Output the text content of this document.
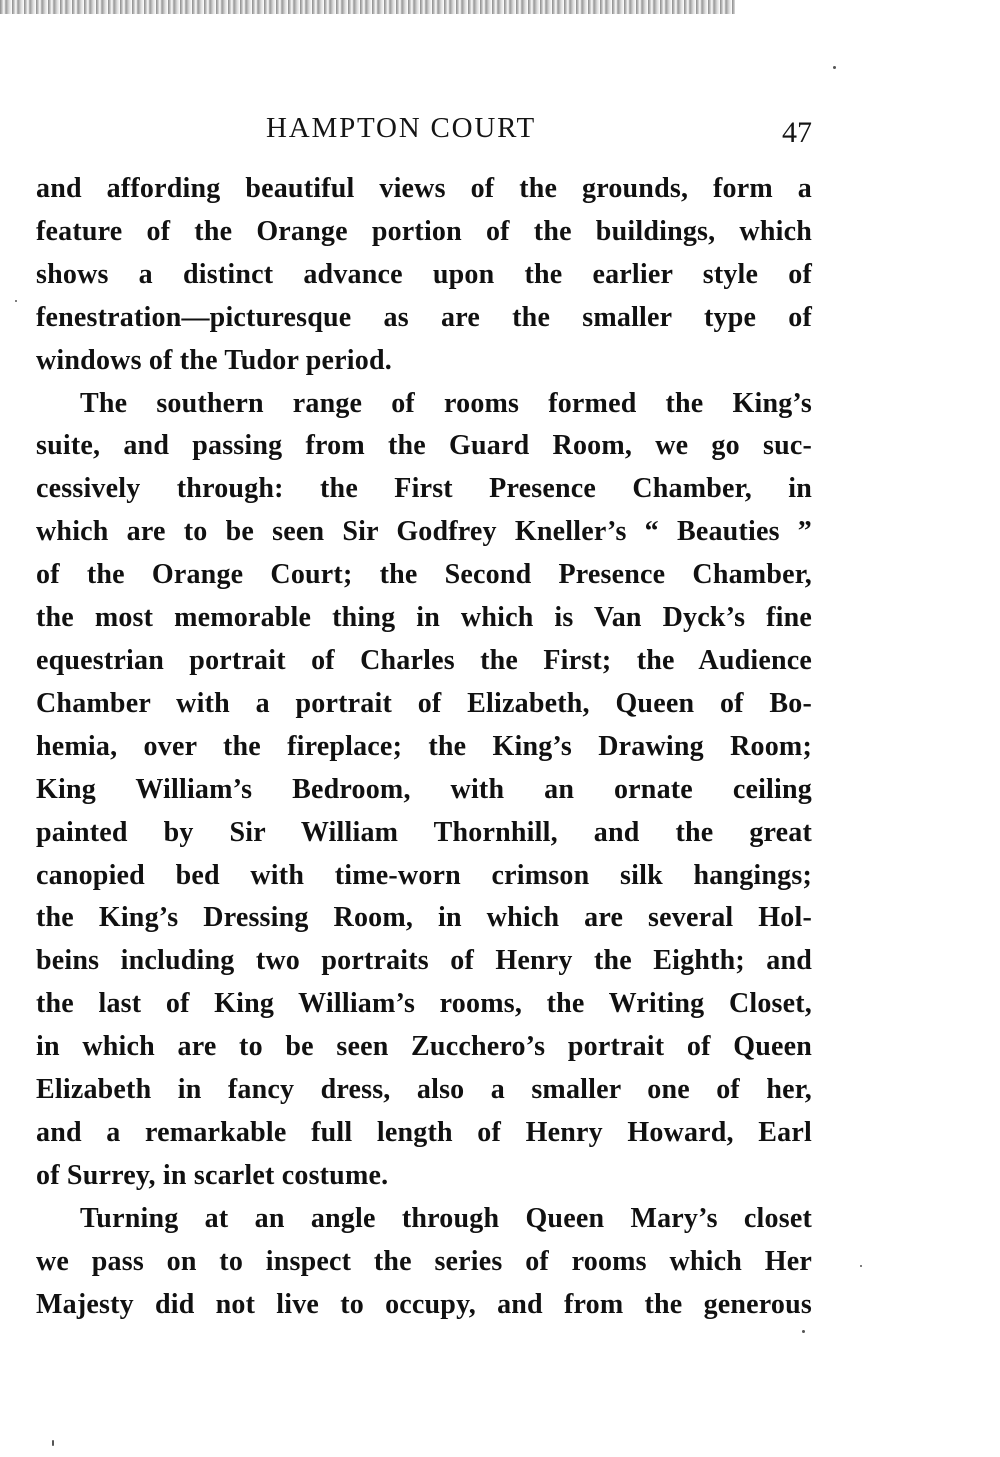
HAMPTON COURT	47
and affording beautiful views of the grounds, form a
feature of the Orange portion of the buildings, which
shows a distinct advance upon the earlier style of
fenestration—picturesque as are the smaller type of
windows of the Tudor period.
The southern range of rooms formed the King’s
suite, and passing from the Guard Room, we go suc-
cessively through: the First Presence Chamber, in
which are to be seen Sir Godfrey Kneller’s “ Beauties ”
of the Orange Court; the Second Presence Chamber,
the most memorable thing in which is Van Dyck’s fine
equestrian portrait of Charles the First; the Audience
Chamber with a portrait of Elizabeth, Queen of Bo-
hemia, over the fireplace; the King’s Drawing Room;
King William’s Bedroom, with an ornate ceiling
painted by Sir William Thornhill, and the great
canopied bed with time-worn crimson silk hangings;
the King’s Dressing Room, in which are several Hol-
beins including two portraits of Henry the Eighth; and
the last of King William’s rooms, the Writing Closet,
in which are to be seen Zucchero’s portrait of Queen
Elizabeth in fancy dress, also a smaller one of her,
and a remarkable full length of Henry Howard, Earl
of Surrey, in scarlet costume.
Turning at an angle through Queen Mary’s closet
we pass on to inspect the series of rooms which Her
Majesty did not live to occupy, and from the generous
